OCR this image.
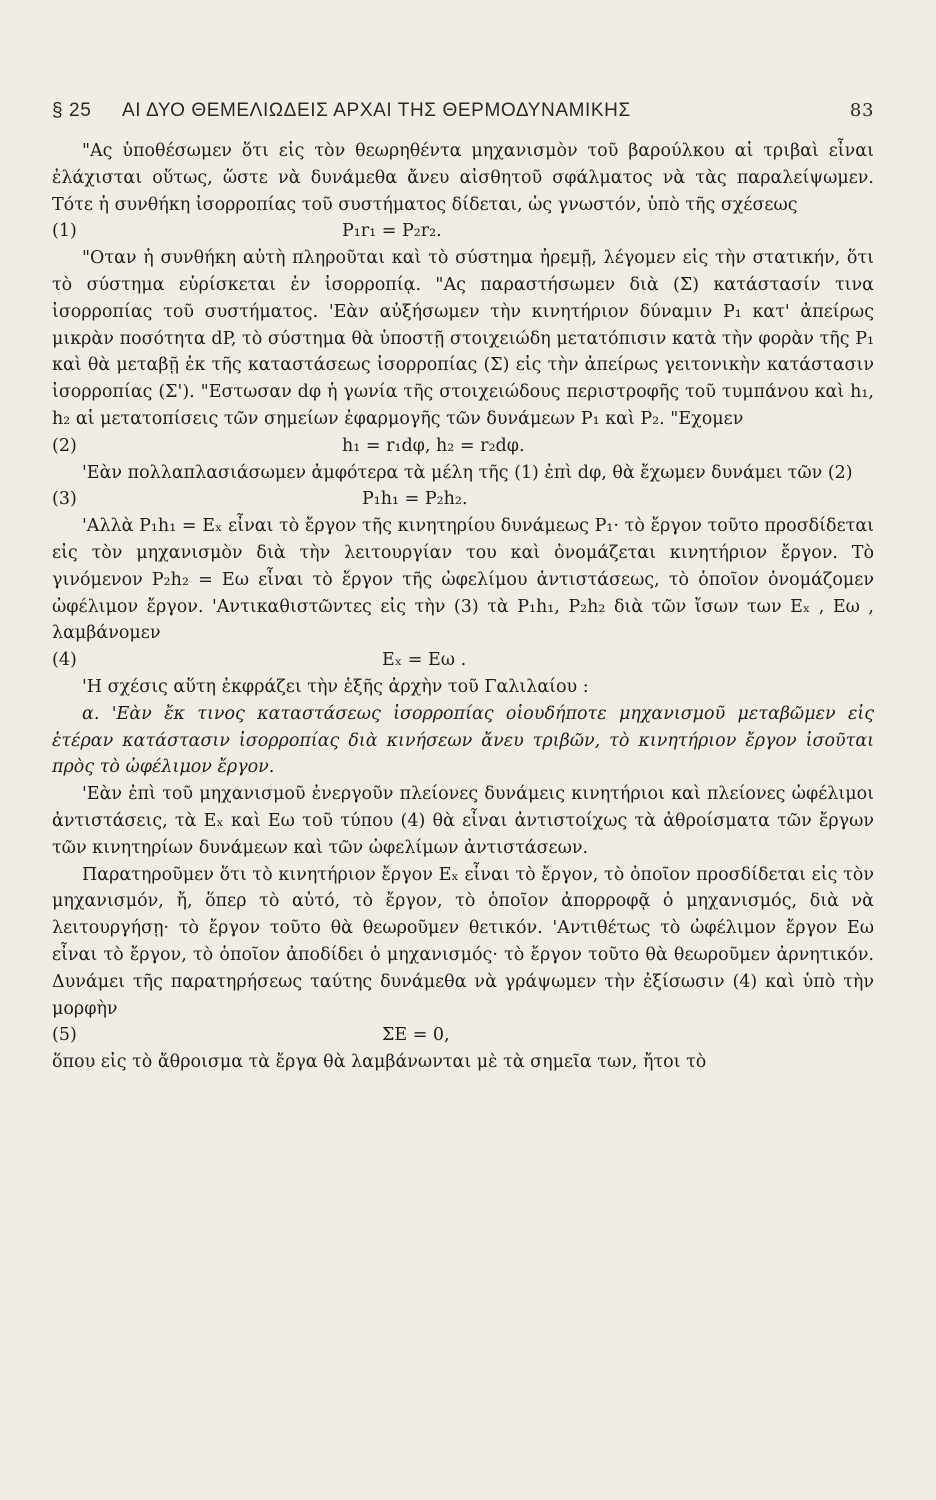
§ 25	ΑΙ ΔΥΟ ΘΕΜΕΛΙΩΔΕΙΣ ΑΡΧΑΙ ΤΗΣ ΘΕΡΜΟΔΥΝΑΜΙΚΗΣ	83

"Ας ὑποθέσωμεν ὅτι εἰς τὸν θεωρηθέντα μηχανισμὸν τοῦ βαρούλκου αἱ τριβαὶ εἶναι ἐλάχισται οὕτως, ὥστε νὰ δυνάμεθα ἄνευ αἰσθητοῦ σφάλματος νὰ τὰς παραλείψωμεν. Τότε ἡ συνθήκη ἰσορροπίας τοῦ συστήματος δίδεται, ὡς γνωστόν, ὑπὸ τῆς σχέσεως

(1)	P₁r₁ = P₂r₂.

"Οταν ἡ συνθήκη αὐτὴ πληροῦται καὶ τὸ σύστημα ἠρεμῇ, λέγομεν εἰς τὴν στατικήν, ὅτι τὸ σύστημα εὑρίσκεται ἐν ἰσορροπίᾳ. "Ας παραστήσωμεν διὰ (Σ) κατάστασίν τινα ἰσορροπίας τοῦ συστήματος. 'Εὰν αὐξήσωμεν τὴν κινητήριον δύναμιν P₁ κατ' ἀπείρως μικρὰν ποσότητα dP, τὸ σύστημα θὰ ὑποστῇ στοιχειώδη μετατόπισιν κατὰ τὴν φορὰν τῆς P₁ καὶ θὰ μεταβῇ ἐκ τῆς καταστάσεως ἰσορροπίας (Σ) εἰς τὴν ἀπείρως γειτονικὴν κατάστασιν ἰσορροπίας (Σ'). "Εστωσαν dφ ἡ γωνία τῆς στοιχειώδους περιστροφῆς τοῦ τυμπάνου καὶ h₁, h₂ αἱ μετατοπίσεις τῶν σημείων ἐφαρμογῆς τῶν δυνάμεων P₁ καὶ P₂. "Εχομεν

(2)	h₁ = r₁dφ, h₂ = r₂dφ.

'Εὰν πολλαπλασιάσωμεν ἀμφότερα τὰ μέλη τῆς (1) ἐπὶ dφ, θὰ ἔχωμεν δυνάμει τῶν (2)

(3)	P₁h₁ = P₂h₂.

'Αλλὰ P₁h₁ = Eₓ εἶναι τὸ ἔργον τῆς κινητηρίου δυνάμεως P₁· τὸ ἔργον τοῦτο προσδίδεται εἰς τὸν μηχανισμὸν διὰ τὴν λειτουργίαν του καὶ ὀνομάζεται κινητήριον ἔργον. Τὸ γινόμενον P₂h₂ = Eω εἶναι τὸ ἔργον τῆς ὠφελίμου ἀντιστάσεως, τὸ ὁποῖον ὀνομάζομεν ὠφέλιμον ἔργον. 'Αντικαθιστῶντες εἰς τὴν (3) τὰ P₁h₁, P₂h₂ διὰ τῶν ἴσων των Eₓ , Eω , λαμβάνομεν

(4)	Eₓ = Eω .

'Η σχέσις αὕτη ἐκφράζει τὴν ἑξῆς ἀρχὴν τοῦ Γαλιλαίου :

α. 'Εὰν ἔκ τινος καταστάσεως ἰσορροπίας οἱουδήποτε μηχανισμοῦ μεταβῶμεν εἰς ἑτέραν κατάστασιν ἰσορροπίας διὰ κινήσεων ἄνευ τριβῶν, τὸ κινητήριον ἔργον ἰσοῦται πρὸς τὸ ὠφέλιμον ἔργον.

'Εὰν ἐπὶ τοῦ μηχανισμοῦ ἐνεργοῦν πλείονες δυνάμεις κινητήριοι καὶ πλείονες ὠφέλιμοι ἀντιστάσεις, τὰ Eₓ καὶ Eω τοῦ τύπου (4) θὰ εἶναι ἀντιστοίχως τὰ ἀθροίσματα τῶν ἔργων τῶν κινητηρίων δυνάμεων καὶ τῶν ὠφελίμων ἀντιστάσεων.

Παρατηροῦμεν ὅτι τὸ κινητήριον ἔργον Eₓ εἶναι τὸ ἔργον, τὸ ὁποῖον προσδίδεται εἰς τὸν μηχανισμόν, ἤ, ὅπερ τὸ αὐτό, τὸ ἔργον, τὸ ὁποῖον ἀπορροφᾷ ὁ μηχανισμός, διὰ νὰ λειτουργήσῃ· τὸ ἔργον τοῦτο θὰ θεωροῦμεν θετικόν. 'Αντιθέτως τὸ ὠφέλιμον ἔργον Eω εἶναι τὸ ἔργον, τὸ ὁποῖον ἀποδίδει ὁ μηχανισμός· τὸ ἔργον τοῦτο θὰ θεωροῦμεν ἀρνητικόν. Δυνάμει τῆς παρατηρήσεως ταύτης δυνάμεθα νὰ γράψωμεν τὴν ἐξίσωσιν (4) καὶ ὑπὸ τὴν μορφὴν

(5)	ΣE = 0,

ὅπου εἰς τὸ ἄθροισμα τὰ ἔργα θὰ λαμβάνωνται μὲ τὰ σημεῖα των, ἤτοι τὸ
